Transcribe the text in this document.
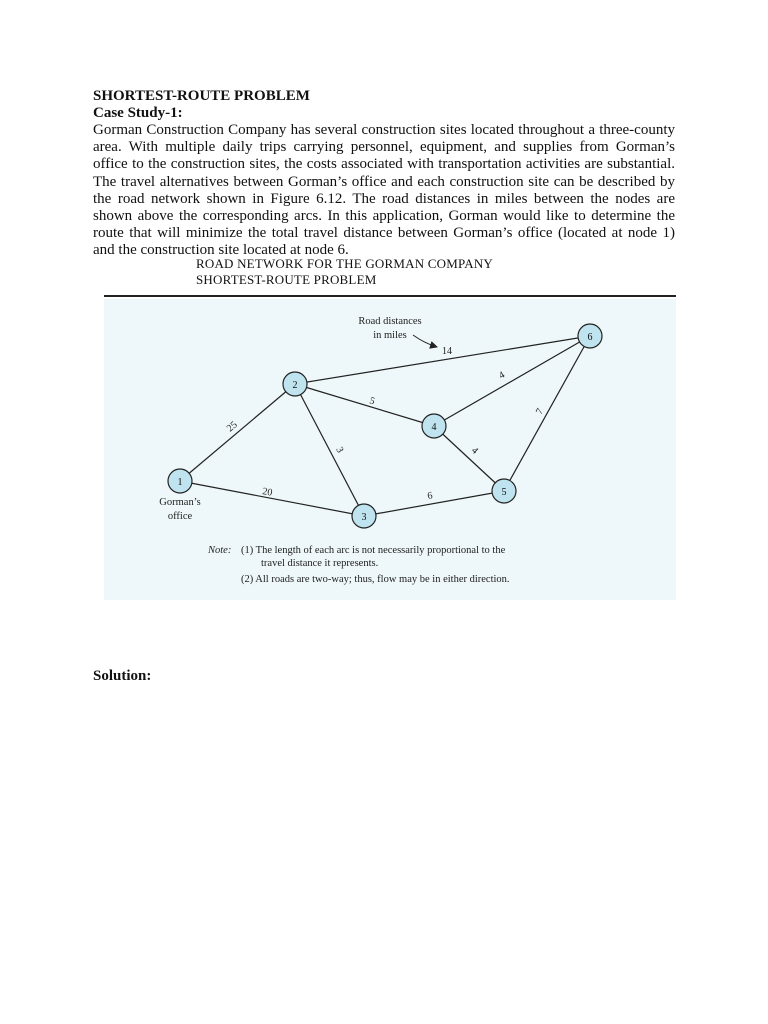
SHORTEST-ROUTE PROBLEM
Case Study-1:

Gorman Construction Company has several construction sites located throughout a three-county area. With multiple daily trips carrying personnel, equipment, and supplies from Gorman’s office to the construction sites, the costs associated with transportation activities are substantial. The travel alternatives between Gorman’s office and each construction site can be described by the road network shown in Figure 6.12. The road distances in miles between the nodes are shown above the corresponding arcs. In this application, Gorman would like to determine the route that will minimize the total travel distance between Gorman’s office (located at node 1) and the construction site located at node 6.

ROAD NETWORK FOR THE GORMAN COMPANY
SHORTEST-ROUTE PROBLEM
25
20
3
5
14
6
4
4
7
Road distances
in miles
1
2
3
4
5
6
Gorman’s
office
Note: (1) The length of each arc is not necessarily proportional to the
travel distance it represents.
(2) All roads are two-way; thus, flow may be in either direction.
Solution:
